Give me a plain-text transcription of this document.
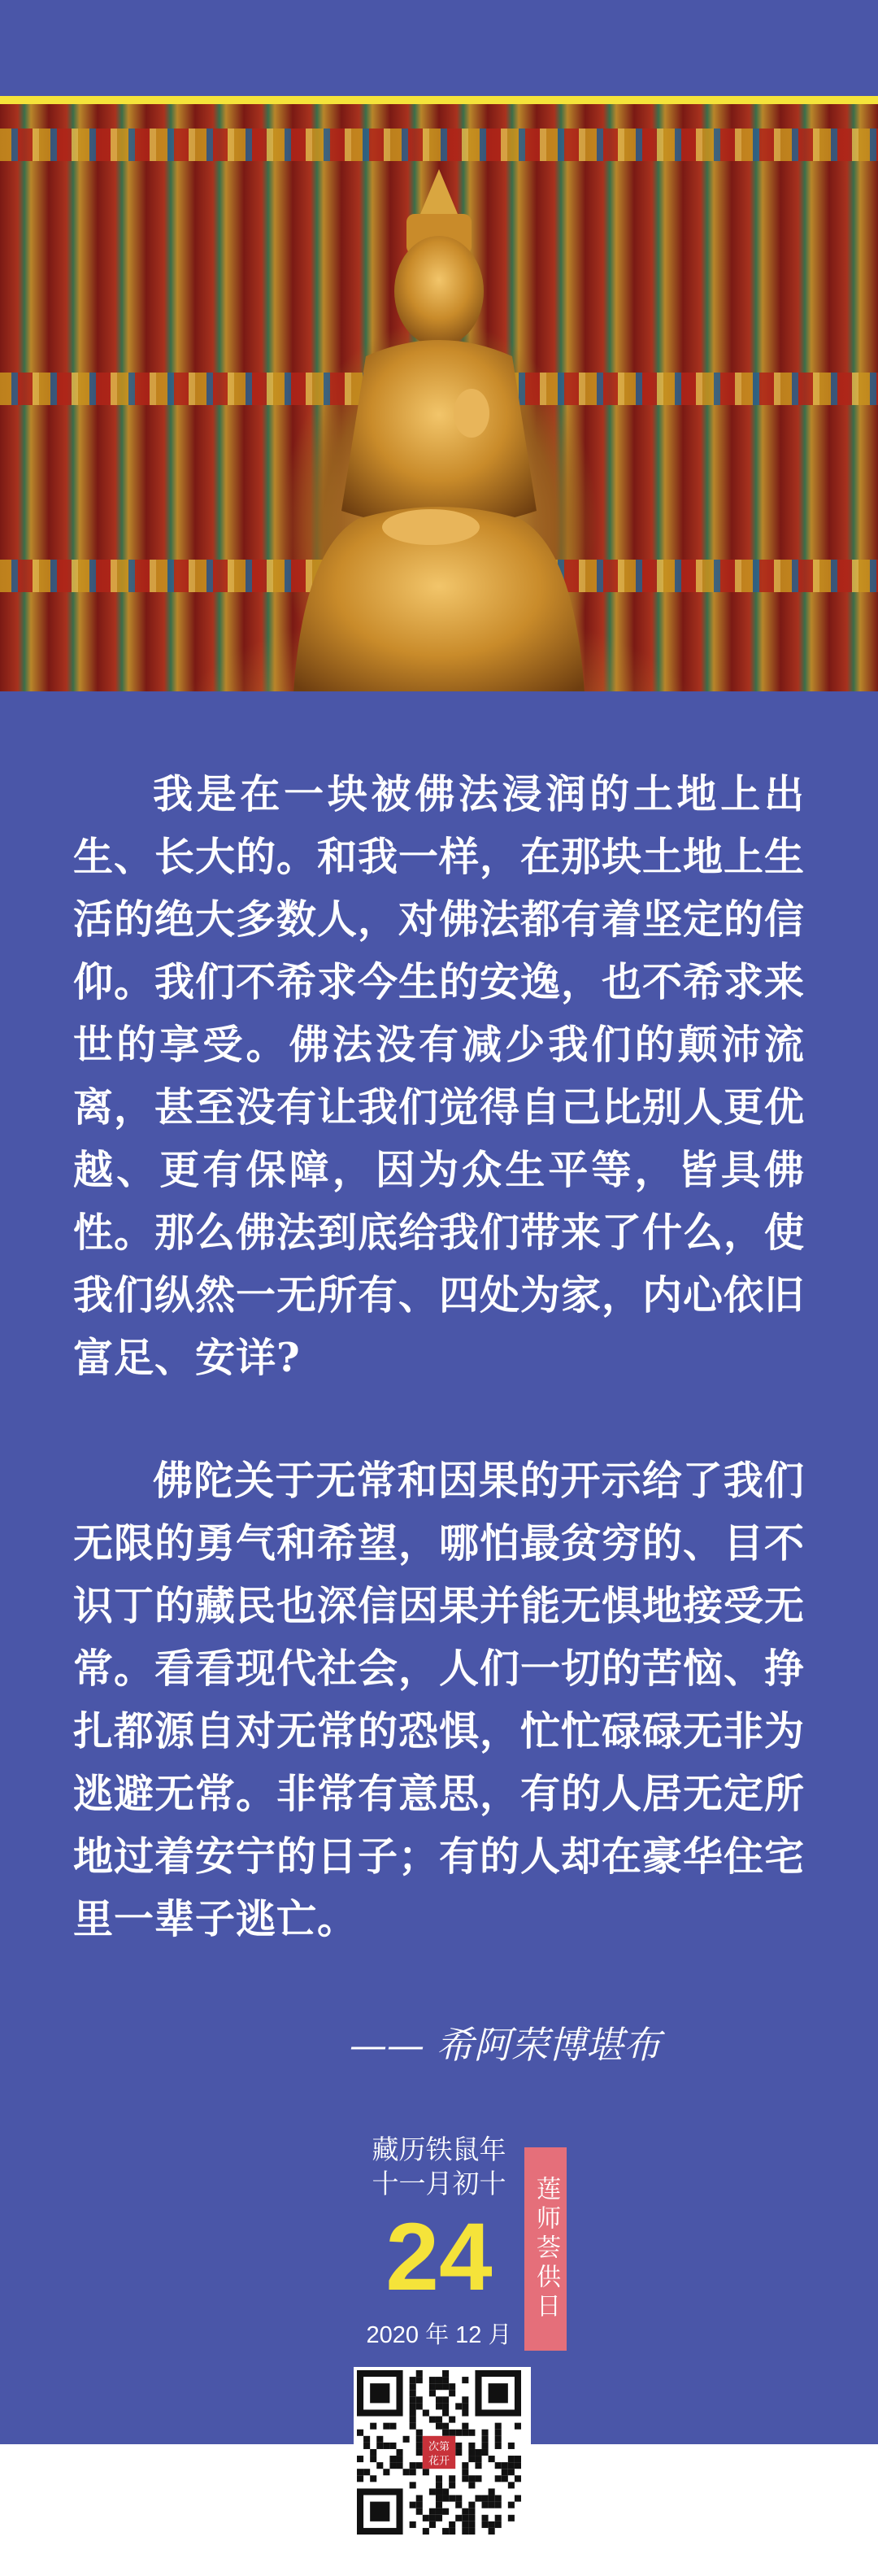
我是在一块被佛法浸润的土地上出生、长大的。和我一样，在那块土地上生活的绝大多数人，对佛法都有着坚定的信仰。我们不希求今生的安逸，也不希求来世的享受。佛法没有减少我们的颠沛流离，甚至没有让我们觉得自己比别人更优越、更有保障，因为众生平等，皆具佛性。那么佛法到底给我们带来了什么，使我们纵然一无所有、四处为家，内心依旧富足、安详?

佛陀关于无常和因果的开示给了我们无限的勇气和希望，哪怕最贫穷的、目不识丁的藏民也深信因果并能无惧地接受无常。看看现代社会，人们一切的苦恼、挣扎都源自对无常的恐惧，忙忙碌碌无非为逃避无常。非常有意思，有的人居无定所地过着安宁的日子；有的人却在豪华住宅里一辈子逃亡。

—— 希阿荣博堪布

藏历铁鼠年
十一月初十
24
2020 年 12 月
莲师荟供日
次第
花开
